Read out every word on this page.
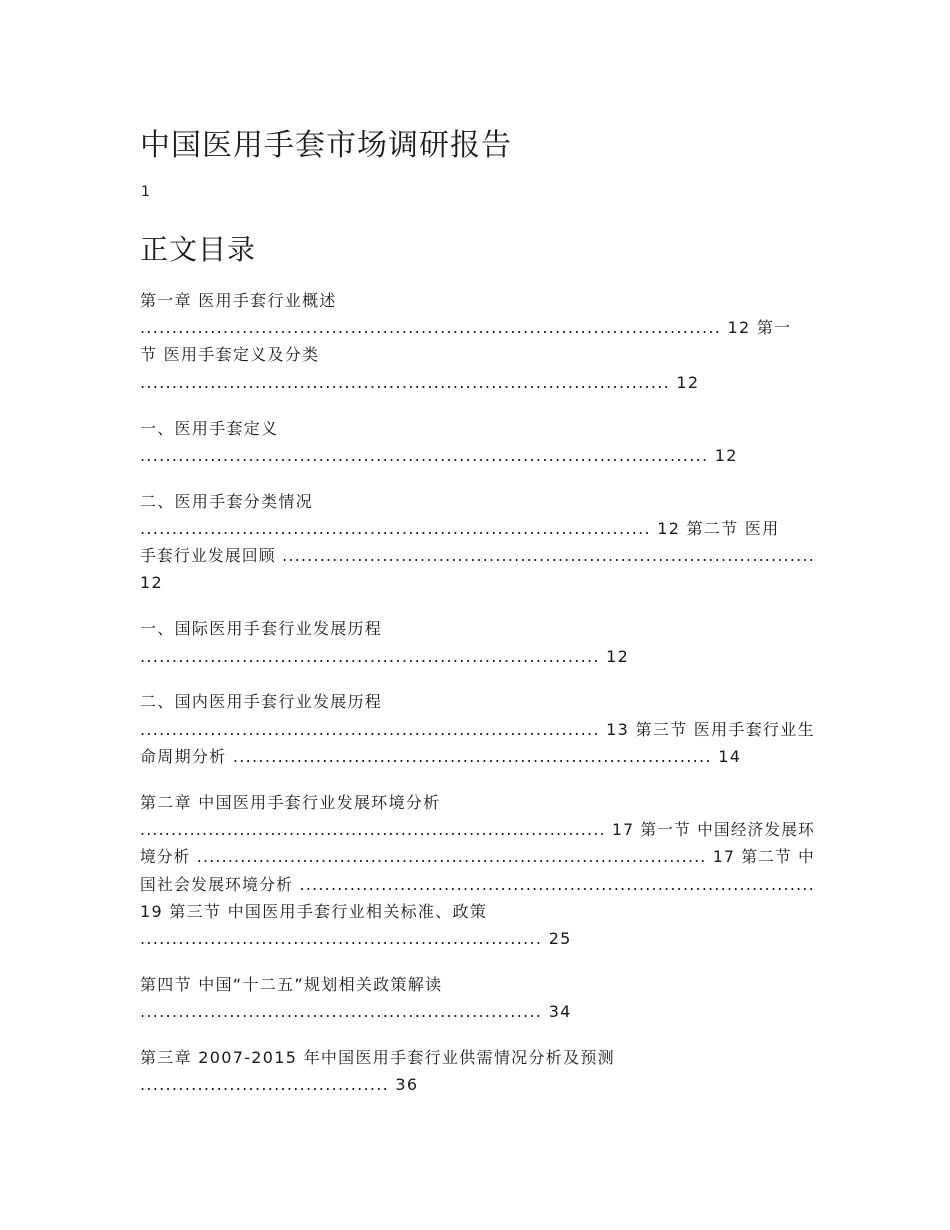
中国医用手套市场调研报告
1
正文目录
第一章 医用手套行业概述
........................................................................................... 12 第一
节 医用手套定义及分类
................................................................................... 12
一、医用手套定义
......................................................................................... 12
二、医用手套分类情况
................................................................................ 12 第二节 医用
手套行业发展回顾 .....................................................................................
12
一、国际医用手套行业发展历程
........................................................................ 12
二、国内医用手套行业发展历程
........................................................................ 13 第三节 医用手套行业生
命周期分析 ........................................................................... 14
第二章 中国医用手套行业发展环境分析
........................................................................... 17 第一节 中国经济发展环
境分析 .................................................................................. 17 第二节 中
国社会发展环境分析 ..................................................................................
19 第三节 中国医用手套行业相关标准、政策
............................................................... 25
第四节 中国“十二五”规划相关政策解读
............................................................... 34
第三章 2007-2015 年中国医用手套行业供需情况分析及预测
....................................... 36
